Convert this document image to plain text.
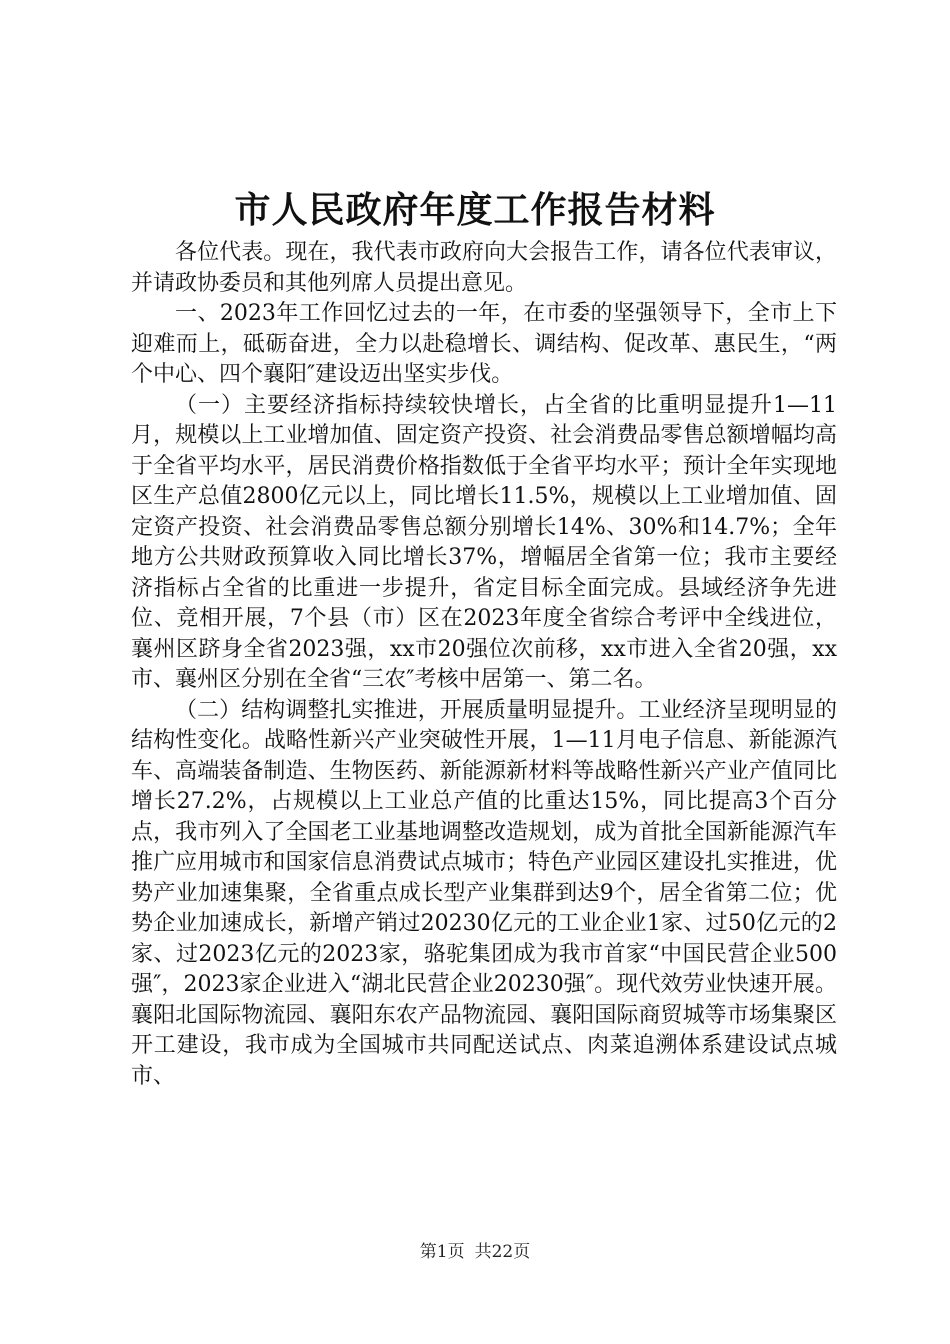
市人民政府年度工作报告材料

各位代表。现在，我代表市政府向大会报告工作，请各位代表审议，并请政协委员和其他列席人员提出意见。

一、2023年工作回忆过去的一年，在市委的坚强领导下，全市上下迎难而上，砥砺奋进，全力以赴稳增长、调结构、促改革、惠民生，“两个中心、四个襄阳″建设迈出坚实步伐。

（一）主要经济指标持续较快增长，占全省的比重明显提升1—11月，规模以上工业增加值、固定资产投资、社会消费品零售总额增幅均高于全省平均水平，居民消费价格指数低于全省平均水平；预计全年实现地区生产总值2800亿元以上，同比增长11.5%，规模以上工业增加值、固定资产投资、社会消费品零售总额分别增长14%、30%和14.7%；全年地方公共财政预算收入同比增长37%，增幅居全省第一位；我市主要经济指标占全省的比重进一步提升，省定目标全面完成。县域经济争先进位、竞相开展，7个县（市）区在2023年度全省综合考评中全线进位，襄州区跻身全省2023强，xx市20强位次前移，xx市进入全省20强，xx市、襄州区分别在全省“三农″考核中居第一、第二名。

（二）结构调整扎实推进，开展质量明显提升。工业经济呈现明显的结构性变化。战略性新兴产业突破性开展，1—11月电子信息、新能源汽车、高端装备制造、生物医药、新能源新材料等战略性新兴产业产值同比增长27.2%，占规模以上工业总产值的比重达15%，同比提高3个百分点，我市列入了全国老工业基地调整改造规划，成为首批全国新能源汽车推广应用城市和国家信息消费试点城市；特色产业园区建设扎实推进，优势产业加速集聚，全省重点成长型产业集群到达9个，居全省第二位；优势企业加速成长，新增产销过20230亿元的工业企业1家、过50亿元的2家、过2023亿元的2023家，骆驼集团成为我市首家“中国民营企业500强″，2023家企业进入“湖北民营企业20230强″。现代效劳业快速开展。襄阳北国际物流园、襄阳东农产品物流园、襄阳国际商贸城等市场集聚区开工建设，我市成为全国城市共同配送试点、肉菜追溯体系建设试点城市、

第1页 共22页
